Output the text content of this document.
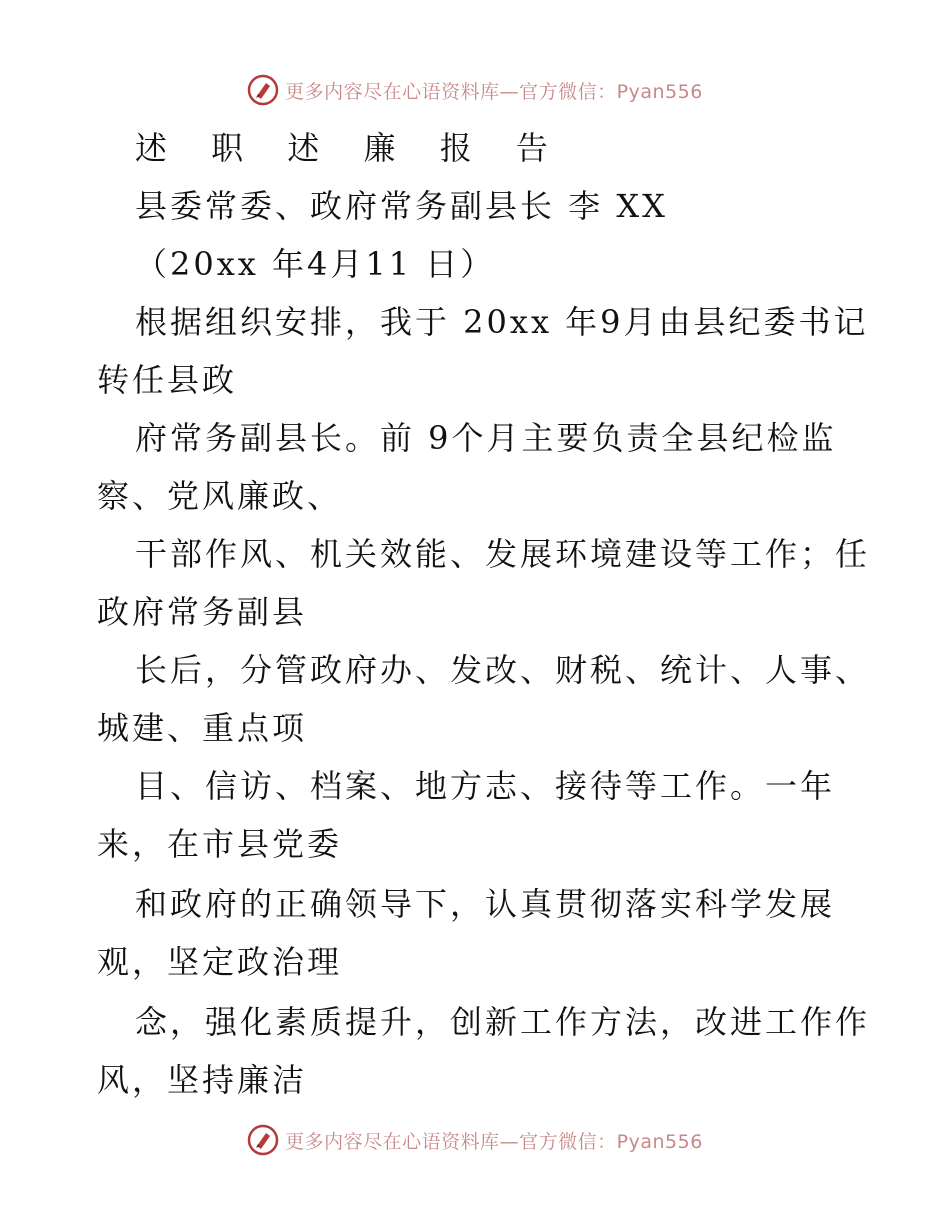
更多内容尽在心语资料库—官方微信：Pyan556
述 职 述 廉 报 告
县委常委、政府常务副县长 李 XX
（20xx 年4月11 日）
根据组织安排，我于 20xx 年9月由县纪委书记
转任县政
府常务副县长。前 9个月主要负责全县纪检监
察、党风廉政、
干部作风、机关效能、发展环境建设等工作；任
政府常务副县
长后，分管政府办、发改、财税、统计、人事、
城建、重点项
目、信访、档案、地方志、接待等工作。一年
来，在市县党委
和政府的正确领导下，认真贯彻落实科学发展
观，坚定政治理
念，强化素质提升，创新工作方法，改进工作作
风，坚持廉洁
更多内容尽在心语资料库—官方微信：Pyan556
